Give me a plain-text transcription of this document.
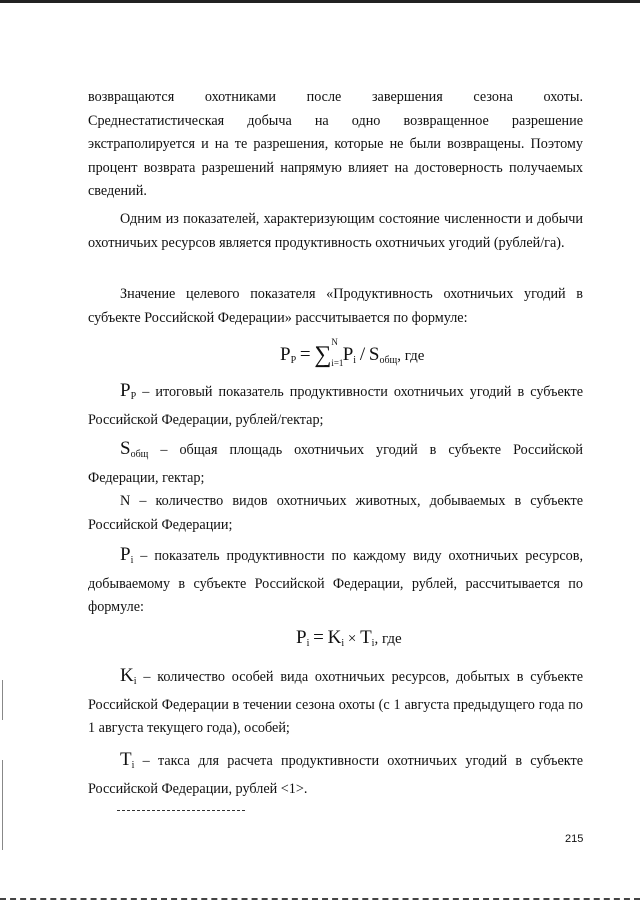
возвращаются охотниками после завершения сезона охоты. Среднестатистическая добыча на одно возвращенное разрешение экстраполируется и на те разрешения, которые не были возвращены. Поэтому процент возврата разрешений напрямую влияет на достоверность получаемых сведений.
Одним из показателей, характеризующим состояние численности и добычи охотничьих ресурсов является продуктивность охотничьих угодий (рублей/га).
Значение целевого показателя «Продуктивность охотничьих угодий в субъекте Российской Федерации» рассчитывается по формуле:
$P_P$ = ∑ N
i=1 $P_i / S_{общ}$, где
$P_P$ – итоговый показатель продуктивности охотничьих угодий в субъекте Российской Федерации, рублей/гектар;
$S_{общ}$ – общая площадь охотничьих угодий в субъекте Российской Федерации, гектар;
N – количество видов охотничьих животных, добываемых в субъекте Российской Федерации;
$P_i$ – показатель продуктивности по каждому виду охотничьих ресурсов, добываемому в субъекте Российской Федерации, рублей, рассчитывается по формуле:
$P_i = K_i \times T_i$, где
$K_i$ – количество особей вида охотничьих ресурсов, добытых в субъекте Российской Федерации в течении сезона охоты (с 1 августа предыдущего года по 1 августа текущего года), особей;
$T_i$ – такса для расчета продуктивности охотничьих угодий в субъекте Российской Федерации, рублей <1>.
215
